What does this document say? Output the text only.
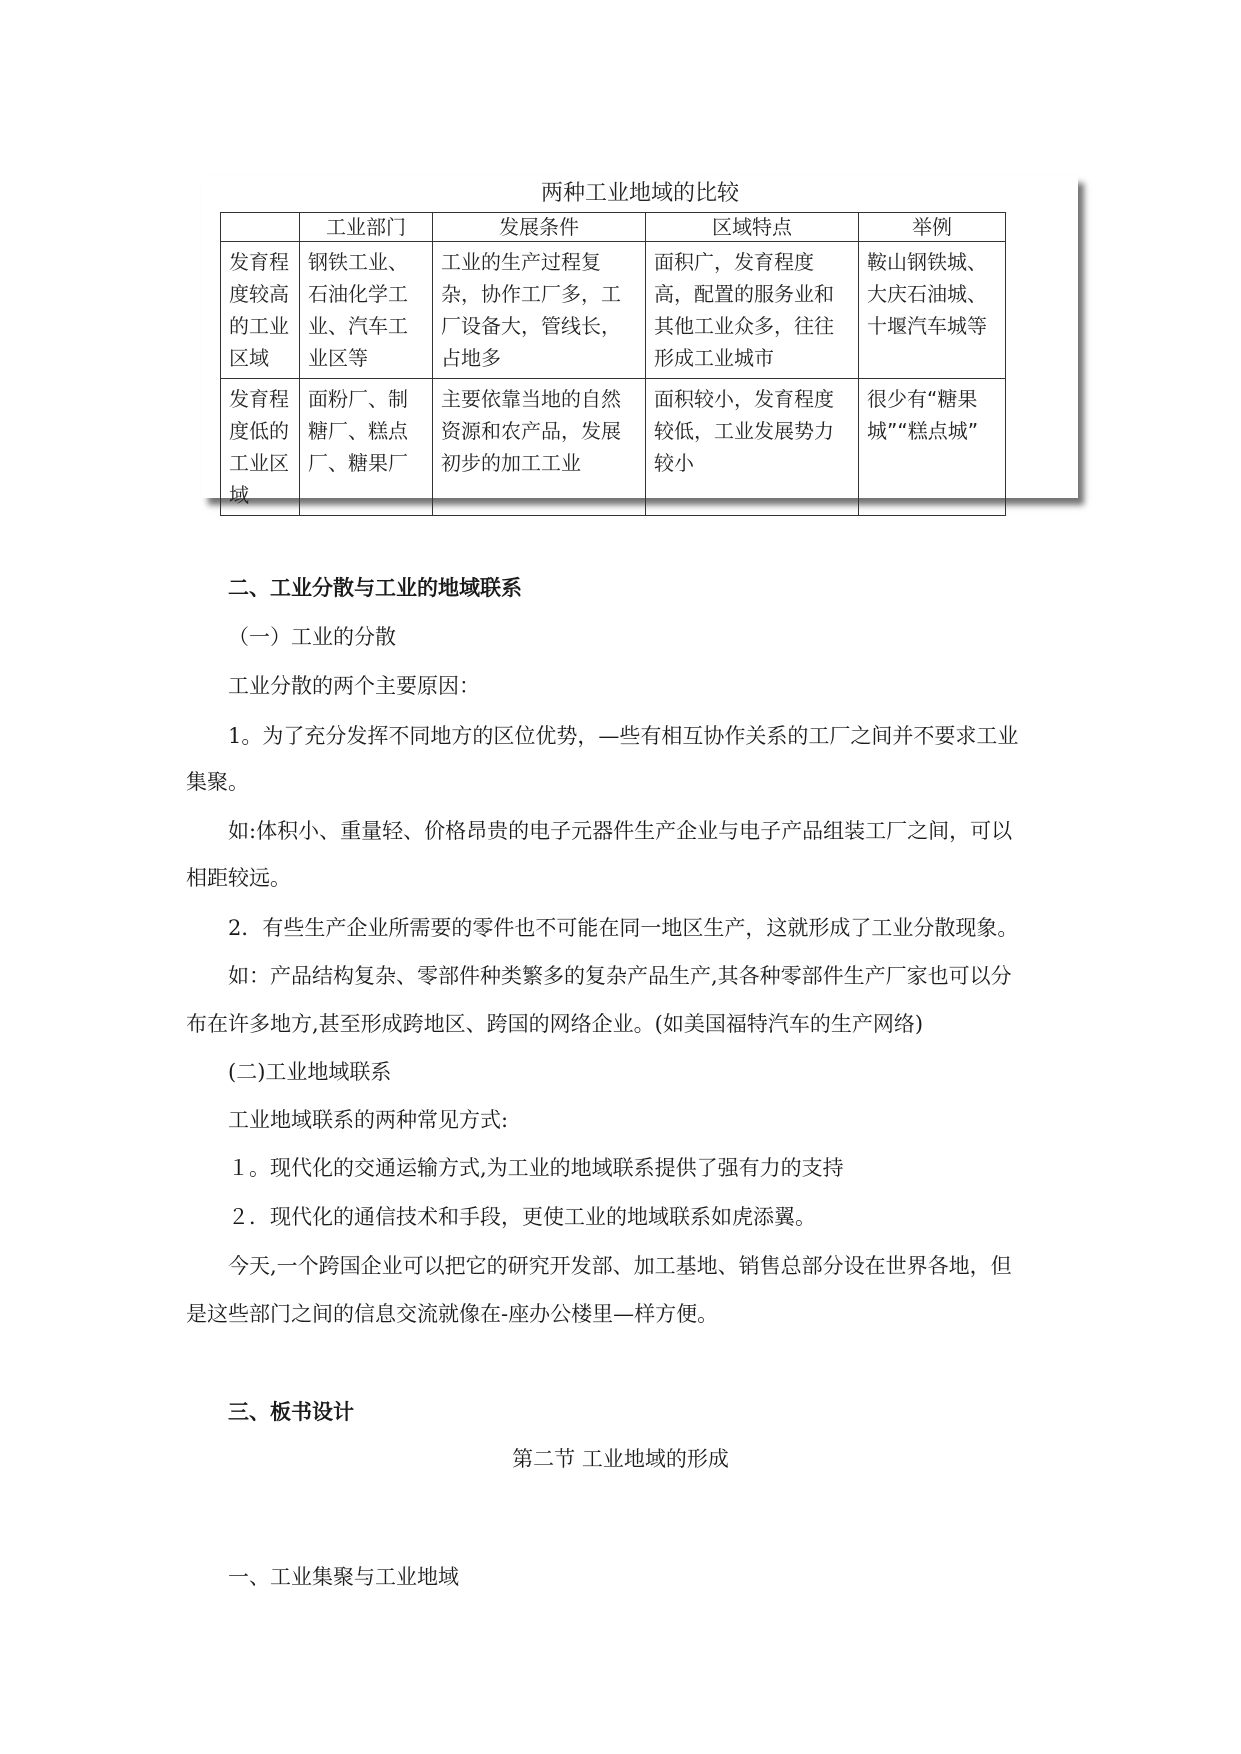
两种工业地域的比较
	工业部门	发展条件	区域特点	举例
发育程度较高的工业区域	钢铁工业、石油化学工业、汽车工业区等	工业的生产过程复杂，协作工厂多，工厂设备大，管线长，占地多	面积广，发育程度高，配置的服务业和其他工业众多，往往形成工业城市	鞍山钢铁城、大庆石油城、十堰汽车城等
发育程度低的工业区域	面粉厂、制糖厂、糕点厂、糖果厂	主要依靠当地的自然资源和农产品，发展初步的加工工业	面积较小，发育程度较低，工业发展势力较小	很少有“糖果城”“糕点城”
二、工业分散与工业的地域联系
（一）工业的分散
工业分散的两个主要原因：
1。为了充分发挥不同地方的区位优势，—些有相互协作关系的工厂之间并不要求工业
集聚。
如:体积小、重量轻、价格昂贵的电子元器件生产企业与电子产品组装工厂之间，可以
相距较远。
2．有些生产企业所需要的零件也不可能在同一地区生产，这就形成了工业分散现象。
如：产品结构复杂、零部件种类繁多的复杂产品生产,其各种零部件生产厂家也可以分
布在许多地方,甚至形成跨地区、跨国的网络企业。(如美国福特汽车的生产网络)
(二)工业地域联系
工业地域联系的两种常见方式:
１。现代化的交通运输方式,为工业的地域联系提供了强有力的支持
２．现代化的通信技术和手段，更使工业的地域联系如虎添翼。
今天,一个跨国企业可以把它的研究开发部、加工基地、销售总部分设在世界各地，但
是这些部门之间的信息交流就像在-座办公楼里—样方便。
三、板书设计
第二节 工业地域的形成
一、工业集聚与工业地域
